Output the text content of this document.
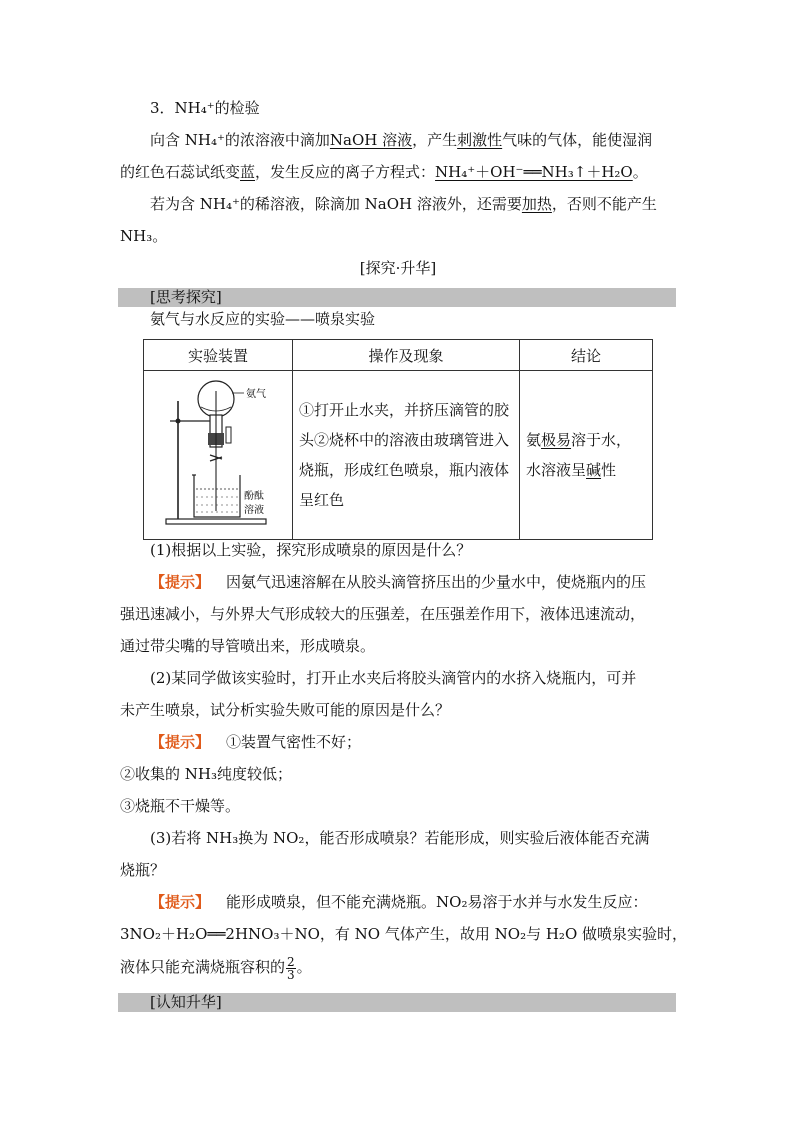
3．NH₄⁺的检验
向含 NH₄⁺的浓溶液中滴加NaOH 溶液，产生刺激性气味的气体，能使湿润
的红色石蕊试纸变蓝，发生反应的离子方程式：NH₄⁺＋OH⁻══NH₃↑＋H₂O。
若为含 NH₄⁺的稀溶液，除滴加 NaOH 溶液外，还需要加热，否则不能产生
NH₃。
[探究·升华]
[思考探究]
氨气与水反应的实验——喷泉实验
实验装置	操作及现象	结论

氨气
酚酞
溶液	①打开止水夹，并挤压滴管的胶头②烧杯中的溶液由玻璃管进入烧瓶，形成红色喷泉，瓶内液体呈红色	氨极易溶于水，水溶液呈碱性
(1)根据以上实验，探究形成喷泉的原因是什么？
【提示】 因氨气迅速溶解在从胶头滴管挤压出的少量水中，使烧瓶内的压
强迅速减小，与外界大气形成较大的压强差，在压强差作用下，液体迅速流动，
通过带尖嘴的导管喷出来，形成喷泉。
(2)某同学做该实验时，打开止水夹后将胶头滴管内的水挤入烧瓶内，可并
未产生喷泉，试分析实验失败可能的原因是什么？
【提示】 ①装置气密性不好；
②收集的 NH₃纯度较低；
③烧瓶不干燥等。
(3)若将 NH₃换为 NO₂，能否形成喷泉？若能形成，则实验后液体能否充满
烧瓶？
【提示】 能形成喷泉，但不能充满烧瓶。NO₂易溶于水并与水发生反应：
3NO₂＋H₂O══2HNO₃＋NO，有 NO 气体产生，故用 NO₂与 H₂O 做喷泉实验时，
液体只能充满烧瓶容积的 $\frac{2}{3}$ 。
[认知升华]
